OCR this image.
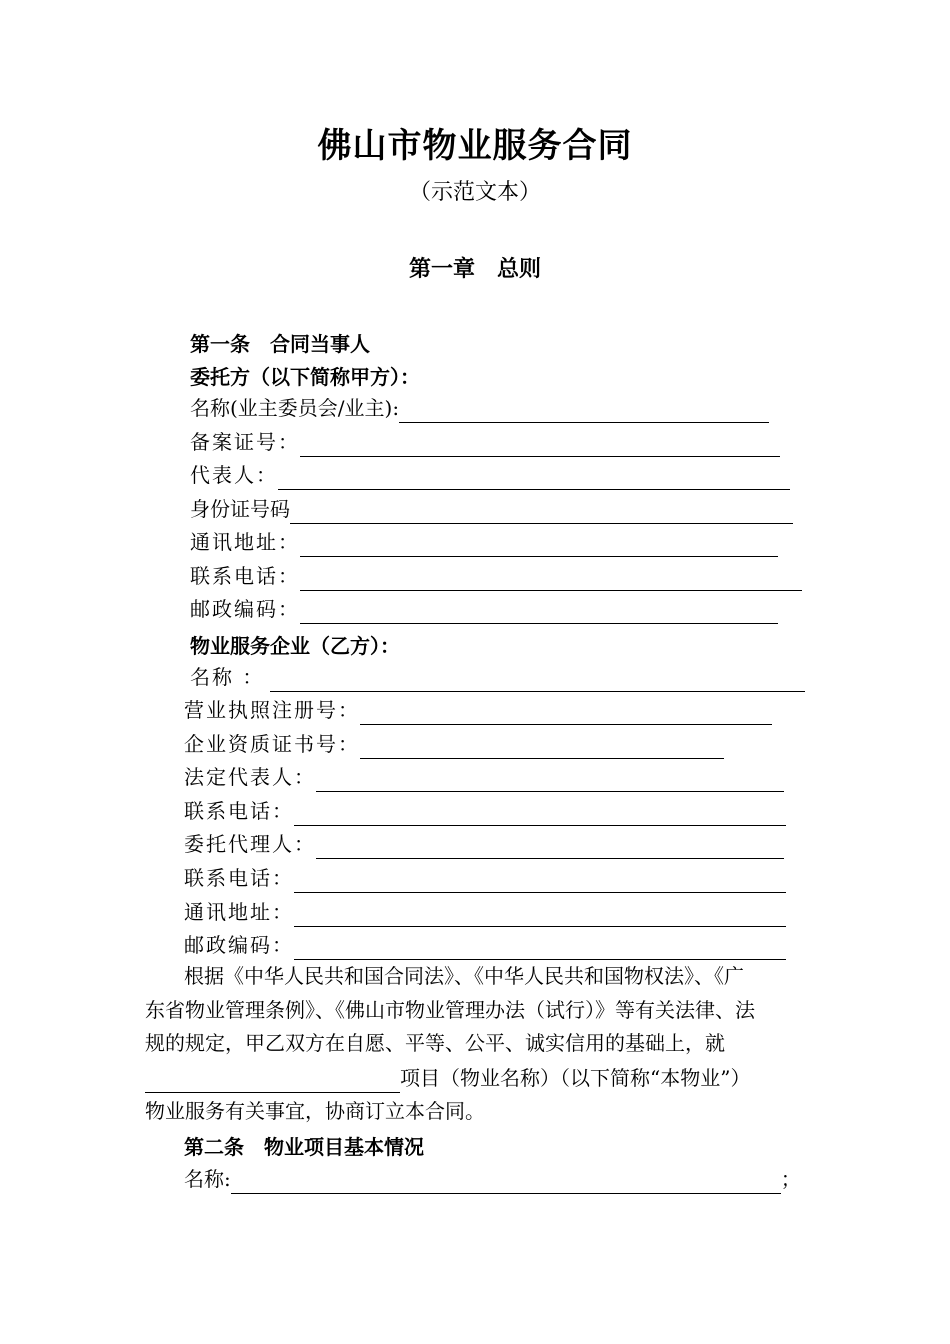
佛山市物业服务合同
（示范文本）
第一章　总则
第一条　合同当事人
委托方（以下简称甲方）：
名称(业主委员会/业主):
备案证号：
代表人：
身份证号码
通讯地址：
联系电话：
邮政编码：
物业服务企业（乙方）：
名称 ：
营业执照注册号：
企业资质证书号：
法定代表人：
联系电话：
委托代理人：
联系电话：
通讯地址：
邮政编码：
根据《中华人民共和国合同法》、《中华人民共和国物权法》、《广
东省物业管理条例》、《佛山市物业管理办法（试行）》等有关法律、法
规的规定，甲乙双方在自愿、平等、公平、诚实信用的基础上，就
项目（物业名称）（以下简称“本物业”）
物业服务有关事宜，协商订立本合同。
第二条　物业项目基本情况
名称:	；
